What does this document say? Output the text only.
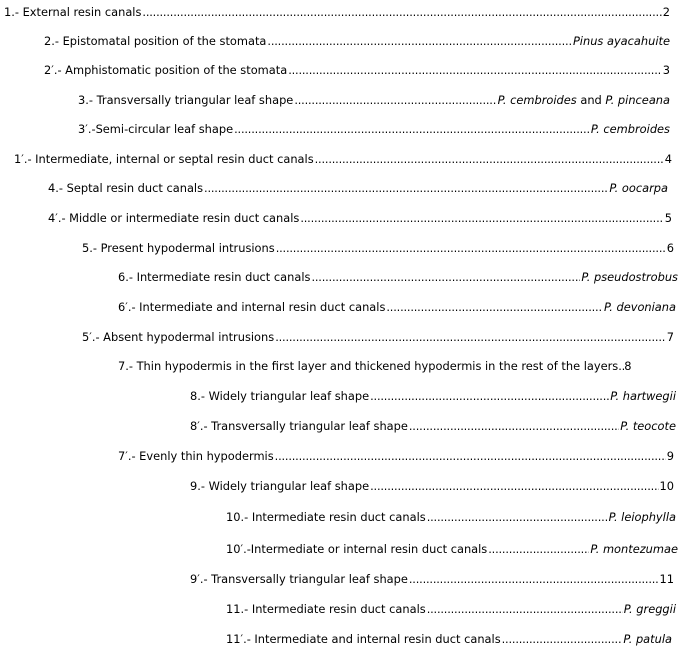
1.- External resin canals .....	2
2.- Epistomatal position of the stomata .....	Pinus ayacahuite
2′.- Amphistomatic position of the stomata .....	3
3.- Transversally triangular leaf shape .....	P. cembroides and P. pinceana
3′.-Semi-circular leaf shape .....	P. cembroides
1′.- Intermediate, internal or septal resin duct canals .....	4
4.- Septal resin duct canals .....	P. oocarpa
4′.- Middle or intermediate resin duct canals .....	5
5.- Present hypodermal intrusions .....	6
6.- Intermediate resin duct canals .....	P. pseudostrobus
6′.- Intermediate and internal resin duct canals .....	P. devoniana
5′.- Absent hypodermal intrusions .....	7
7.- Thin hypodermis in the first layer and thickened hypodermis in the rest of the layers ..... 8
8.- Widely triangular leaf shape .....	P. hartwegii
8′.- Transversally triangular leaf shape .....	P. teocote
7′.- Evenly thin hypodermis .....	9
9.- Widely triangular leaf shape .....	10
10.- Intermediate resin duct canals .....	P. leiophylla
10′.-Intermediate or internal resin duct canals .....	P. montezumae
9′.- Transversally triangular leaf shape .....	11
11.- Intermediate resin duct canals .....	P. greggii
11′.- Intermediate and internal resin duct canals .....	P. patula
